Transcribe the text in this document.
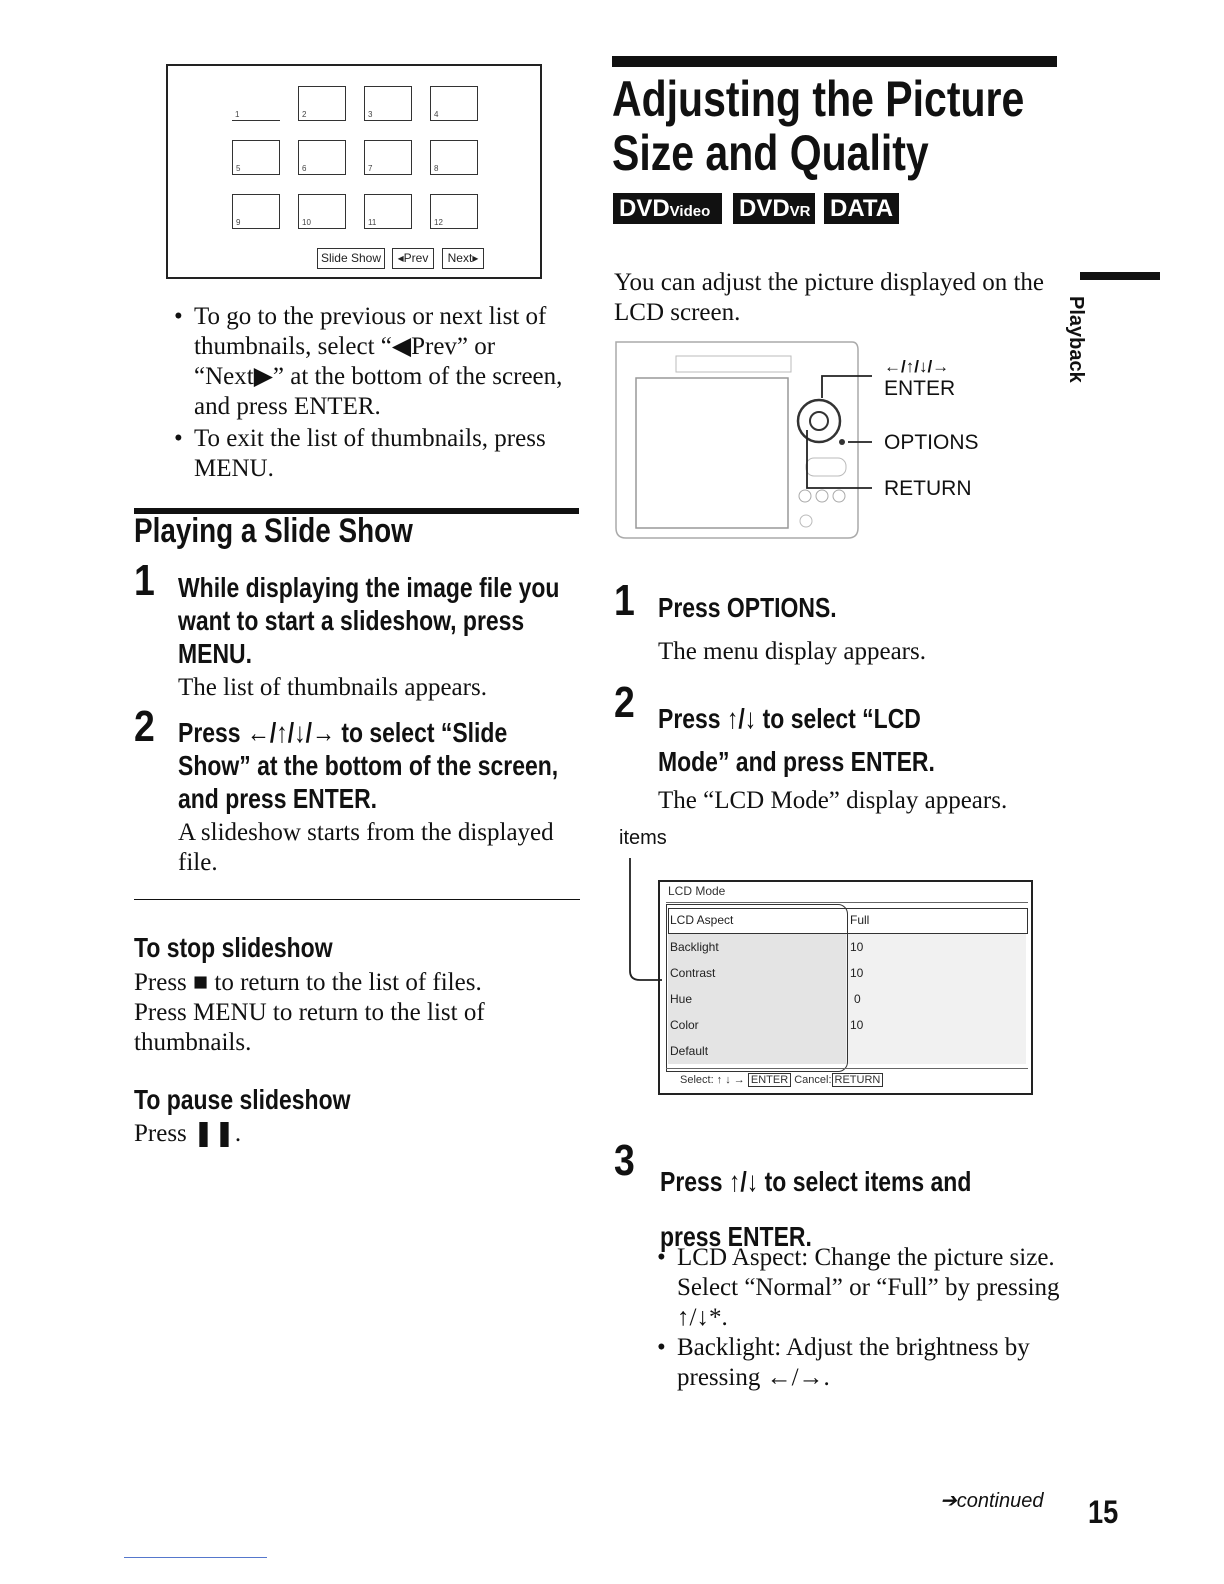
1	2	3	4
5	6	7	8
9	10	11	12
Slide Show	◂Prev	Next▸
• To go to the previous or next list of
thumbnails, select “◀Prev” or
“Next▶” at the bottom of the screen,
and press ENTER.
• To exit the list of thumbnails, press
MENU.
Playing a Slide Show
1 While displaying the image file you
want to start a slideshow, press
MENU.
The list of thumbnails appears.
2 Press ←/↑/↓/→ to select “Slide
Show” at the bottom of the screen,
and press ENTER.
A slideshow starts from the displayed
file.
To stop slideshow
Press ■ to return to the list of files.
Press MENU to return to the list of
thumbnails.
To pause slideshow
Press ❚❚.
Adjusting the Picture
Size and Quality
DVDVideo	DVDVR DATA
You can adjust the picture displayed on the
LCD screen.
←/↑/↓/→
ENTER
OPTIONS
RETURN
1 Press OPTIONS.
The menu display appears.
2 Press ↑/↓ to select “LCD
Mode” and press ENTER.
The “LCD Mode” display appears.
items
LCD Mode
LCD Aspect	Full
Backlight	10
Contrast	10
Hue	0
Color	10
Default
Select: ↑ ↓ → ENTER Cancel: RETURN
3 Press ↑/↓ to select items and
press ENTER.
• LCD Aspect: Change the picture size.
Select “Normal” or “Full” by pressing
↑/↓*.
• Backlight: Adjust the brightness by
pressing ←/→.
Playback
➔continued 15
